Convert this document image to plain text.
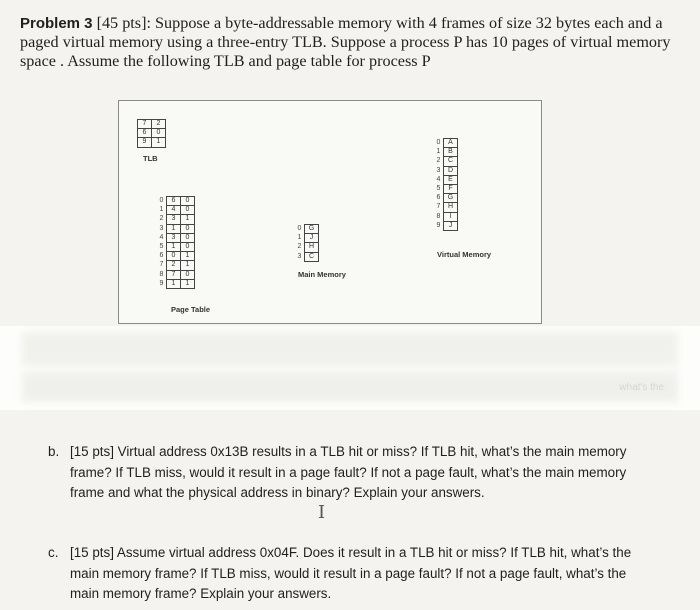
Problem 3 [45 pts]: Suppose a byte-addressable memory with 4 frames of size 32 bytes each and a paged virtual memory using a three-entry TLB. Suppose a process P has 10 pages of virtual memory space . Assume the following TLB and page table for process P
7	2
6	0
9	1
TLB
0	6	0
1	4	0
2	3	1
3	1	0
4	3	0
5	1	0
6	0	1
7	2	1
8	7	0
9	1	1
Page Table
0	G
1	J
2	H
3	C
Main Memory
0	A
1	B
2	C
3	D
4	E
5	F
6	G
7	H
8	I
9	J
Virtual Memory
what's the
b. [15 pts] Virtual address 0x13B results in a TLB hit or miss? If TLB hit, what’s the main memory frame? If TLB miss, would it result in a page fault? If not a page fault, what’s the main memory frame and what the physical address in binary? Explain your answers.
I
c. [15 pts] Assume virtual address 0x04F. Does it result in a TLB hit or miss? If TLB hit, what’s the main memory frame? If TLB miss, would it result in a page fault? If not a page fault, what’s the main memory frame? Explain your answers.
